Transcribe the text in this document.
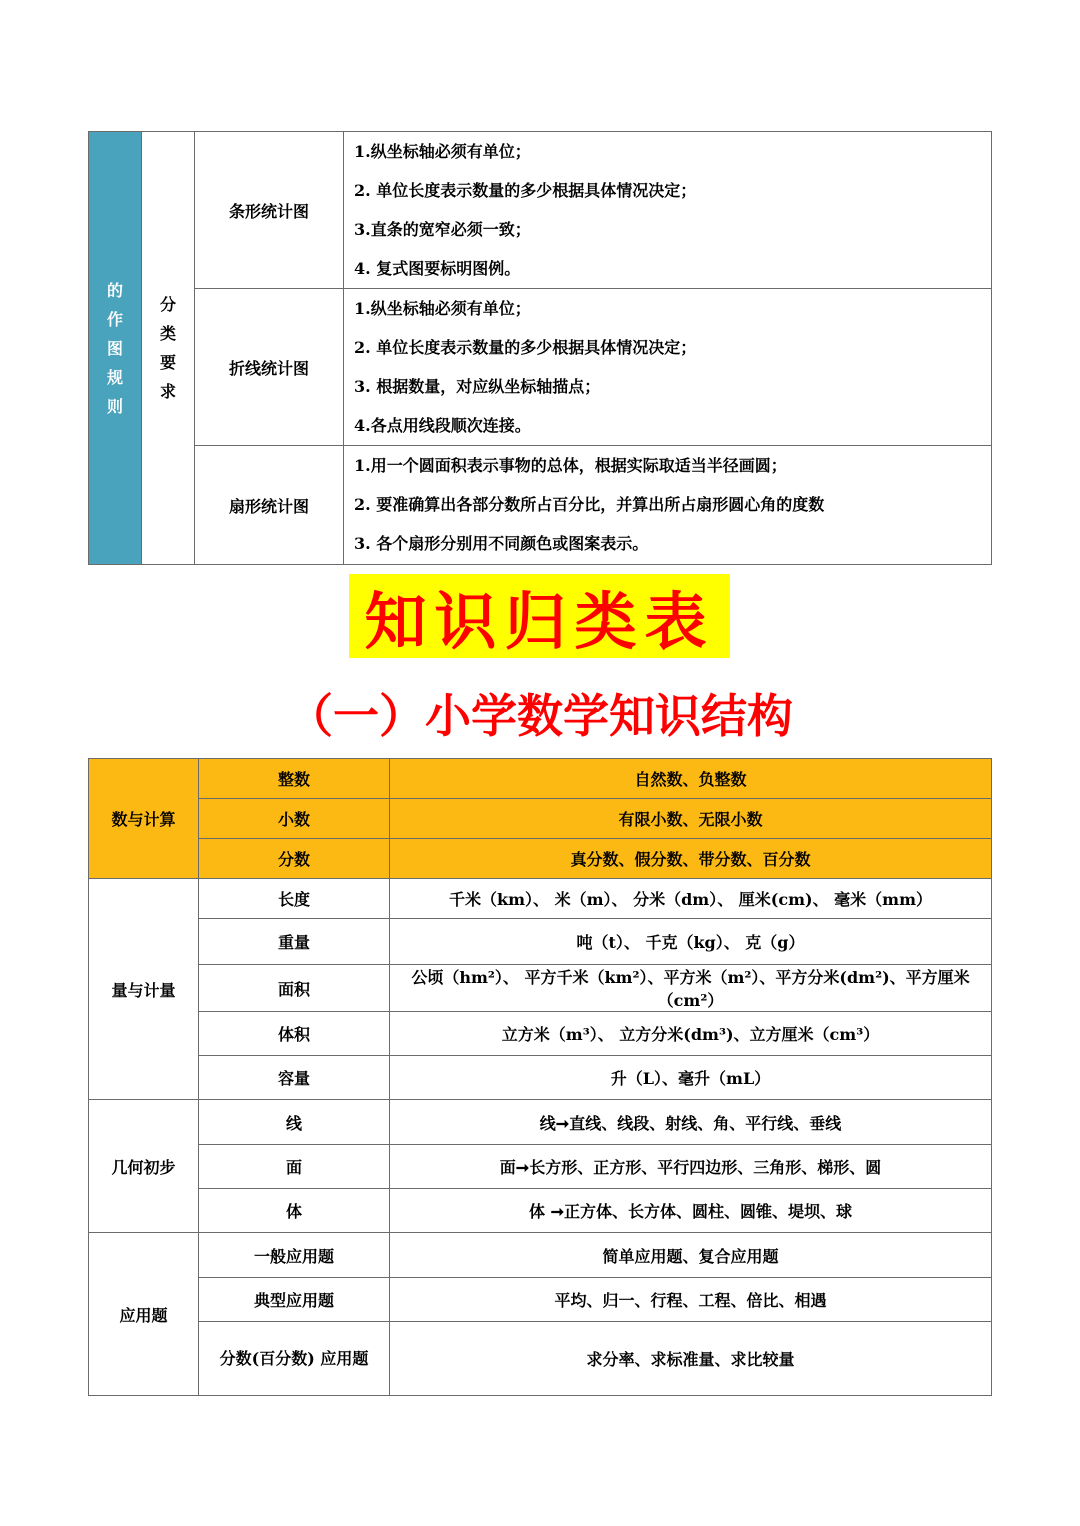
的作图规则	分类要求	条形统计图	1.纵坐标轴必须有单位；
2. 单位长度表示数量的多少根据具体情况决定；
3.直条的宽窄必须一致；
4. 复式图要标明图例。

		折线统计图	1.纵坐标轴必须有单位；
2. 单位长度表示数量的多少根据具体情况决定；
3. 根据数量，对应纵坐标轴描点；
4.各点用线段顺次连接。

		扇形统计图	1.用一个圆面积表示事物的总体，根据实际取适当半径画圆；
2. 要准确算出各部分数所占百分比，并算出所占扇形圆心角的度数
3. 各个扇形分别用不同颜色或图案表示。
知识归类表
（一）小学数学知识结构
数与计算	整数	自然数、负整数
	小数	有限小数、无限小数
	分数	真分数、假分数、带分数、百分数
量与计量	长度	千米（km）、 米（m）、 分米（dm）、 厘米(cm)、 毫米（mm）
	重量	吨（t）、 千克（kg）、 克（g）
	面积	公顷（hm²）、 平方千米（km²）、平方米（m²）、平方分米(dm²)、平方厘米（cm²）
	体积	立方米（m³）、 立方分米(dm³)、立方厘米（cm³）
	容量	升（L）、毫升（mL）
几何初步	线	线➞直线、线段、射线、角、平行线、垂线
	面	面➞长方形、正方形、平行四边形、三角形、梯形、圆
	体	体 ➞正方体、长方体、圆柱、圆锥、堤坝、球
应用题	一般应用题	简单应用题、复合应用题
	典型应用题	平均、归一、行程、工程、倍比、相遇
	分数(百分数) 应用题	求分率、求标准量、求比较量
